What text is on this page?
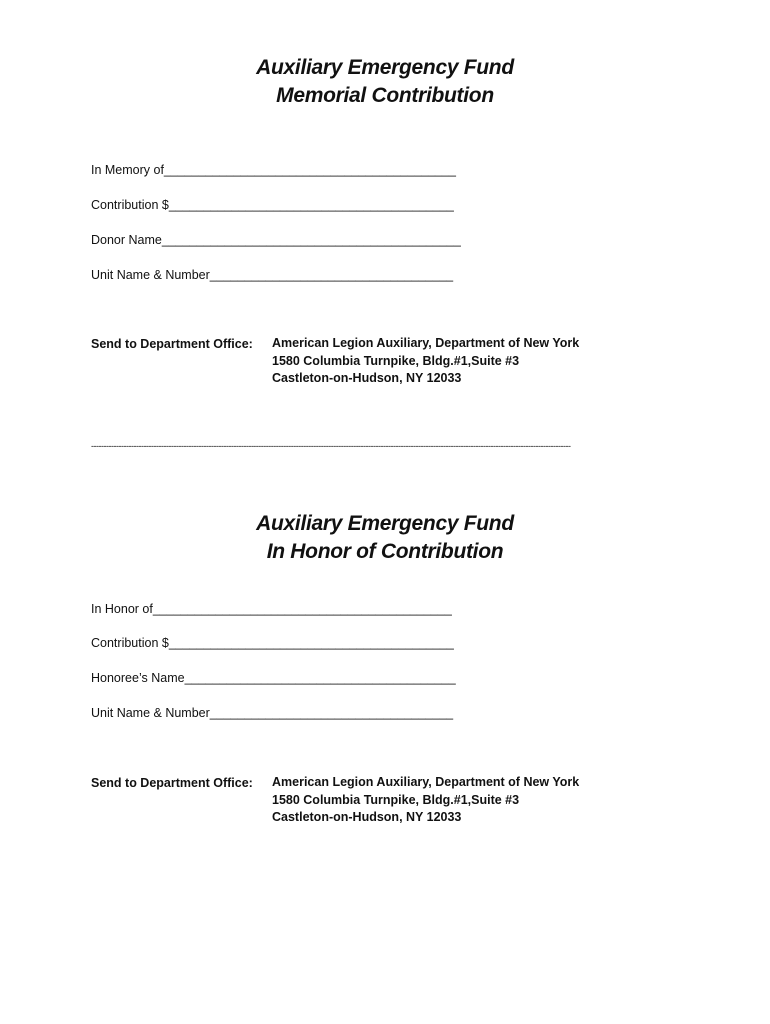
Auxiliary Emergency Fund
Memorial Contribution
In Memory of__________________________________________
Contribution $_________________________________________
Donor Name___________________________________________
Unit Name & Number___________________________________
Send to Department Office: American Legion Auxiliary, Department of New York
1580 Columbia Turnpike, Bldg.#1,Suite #3
Castleton-on-Hudson, NY 12033
------------------------------------------------------------------------------------------------------------------------------------------------------------------------------------------------
Auxiliary Emergency Fund
In Honor of Contribution
In Honor of___________________________________________
Contribution $_________________________________________
Honoree’s Name_______________________________________
Unit Name & Number___________________________________
Send to Department Office: American Legion Auxiliary, Department of New York
1580 Columbia Turnpike, Bldg.#1,Suite #3
Castleton-on-Hudson, NY 12033
